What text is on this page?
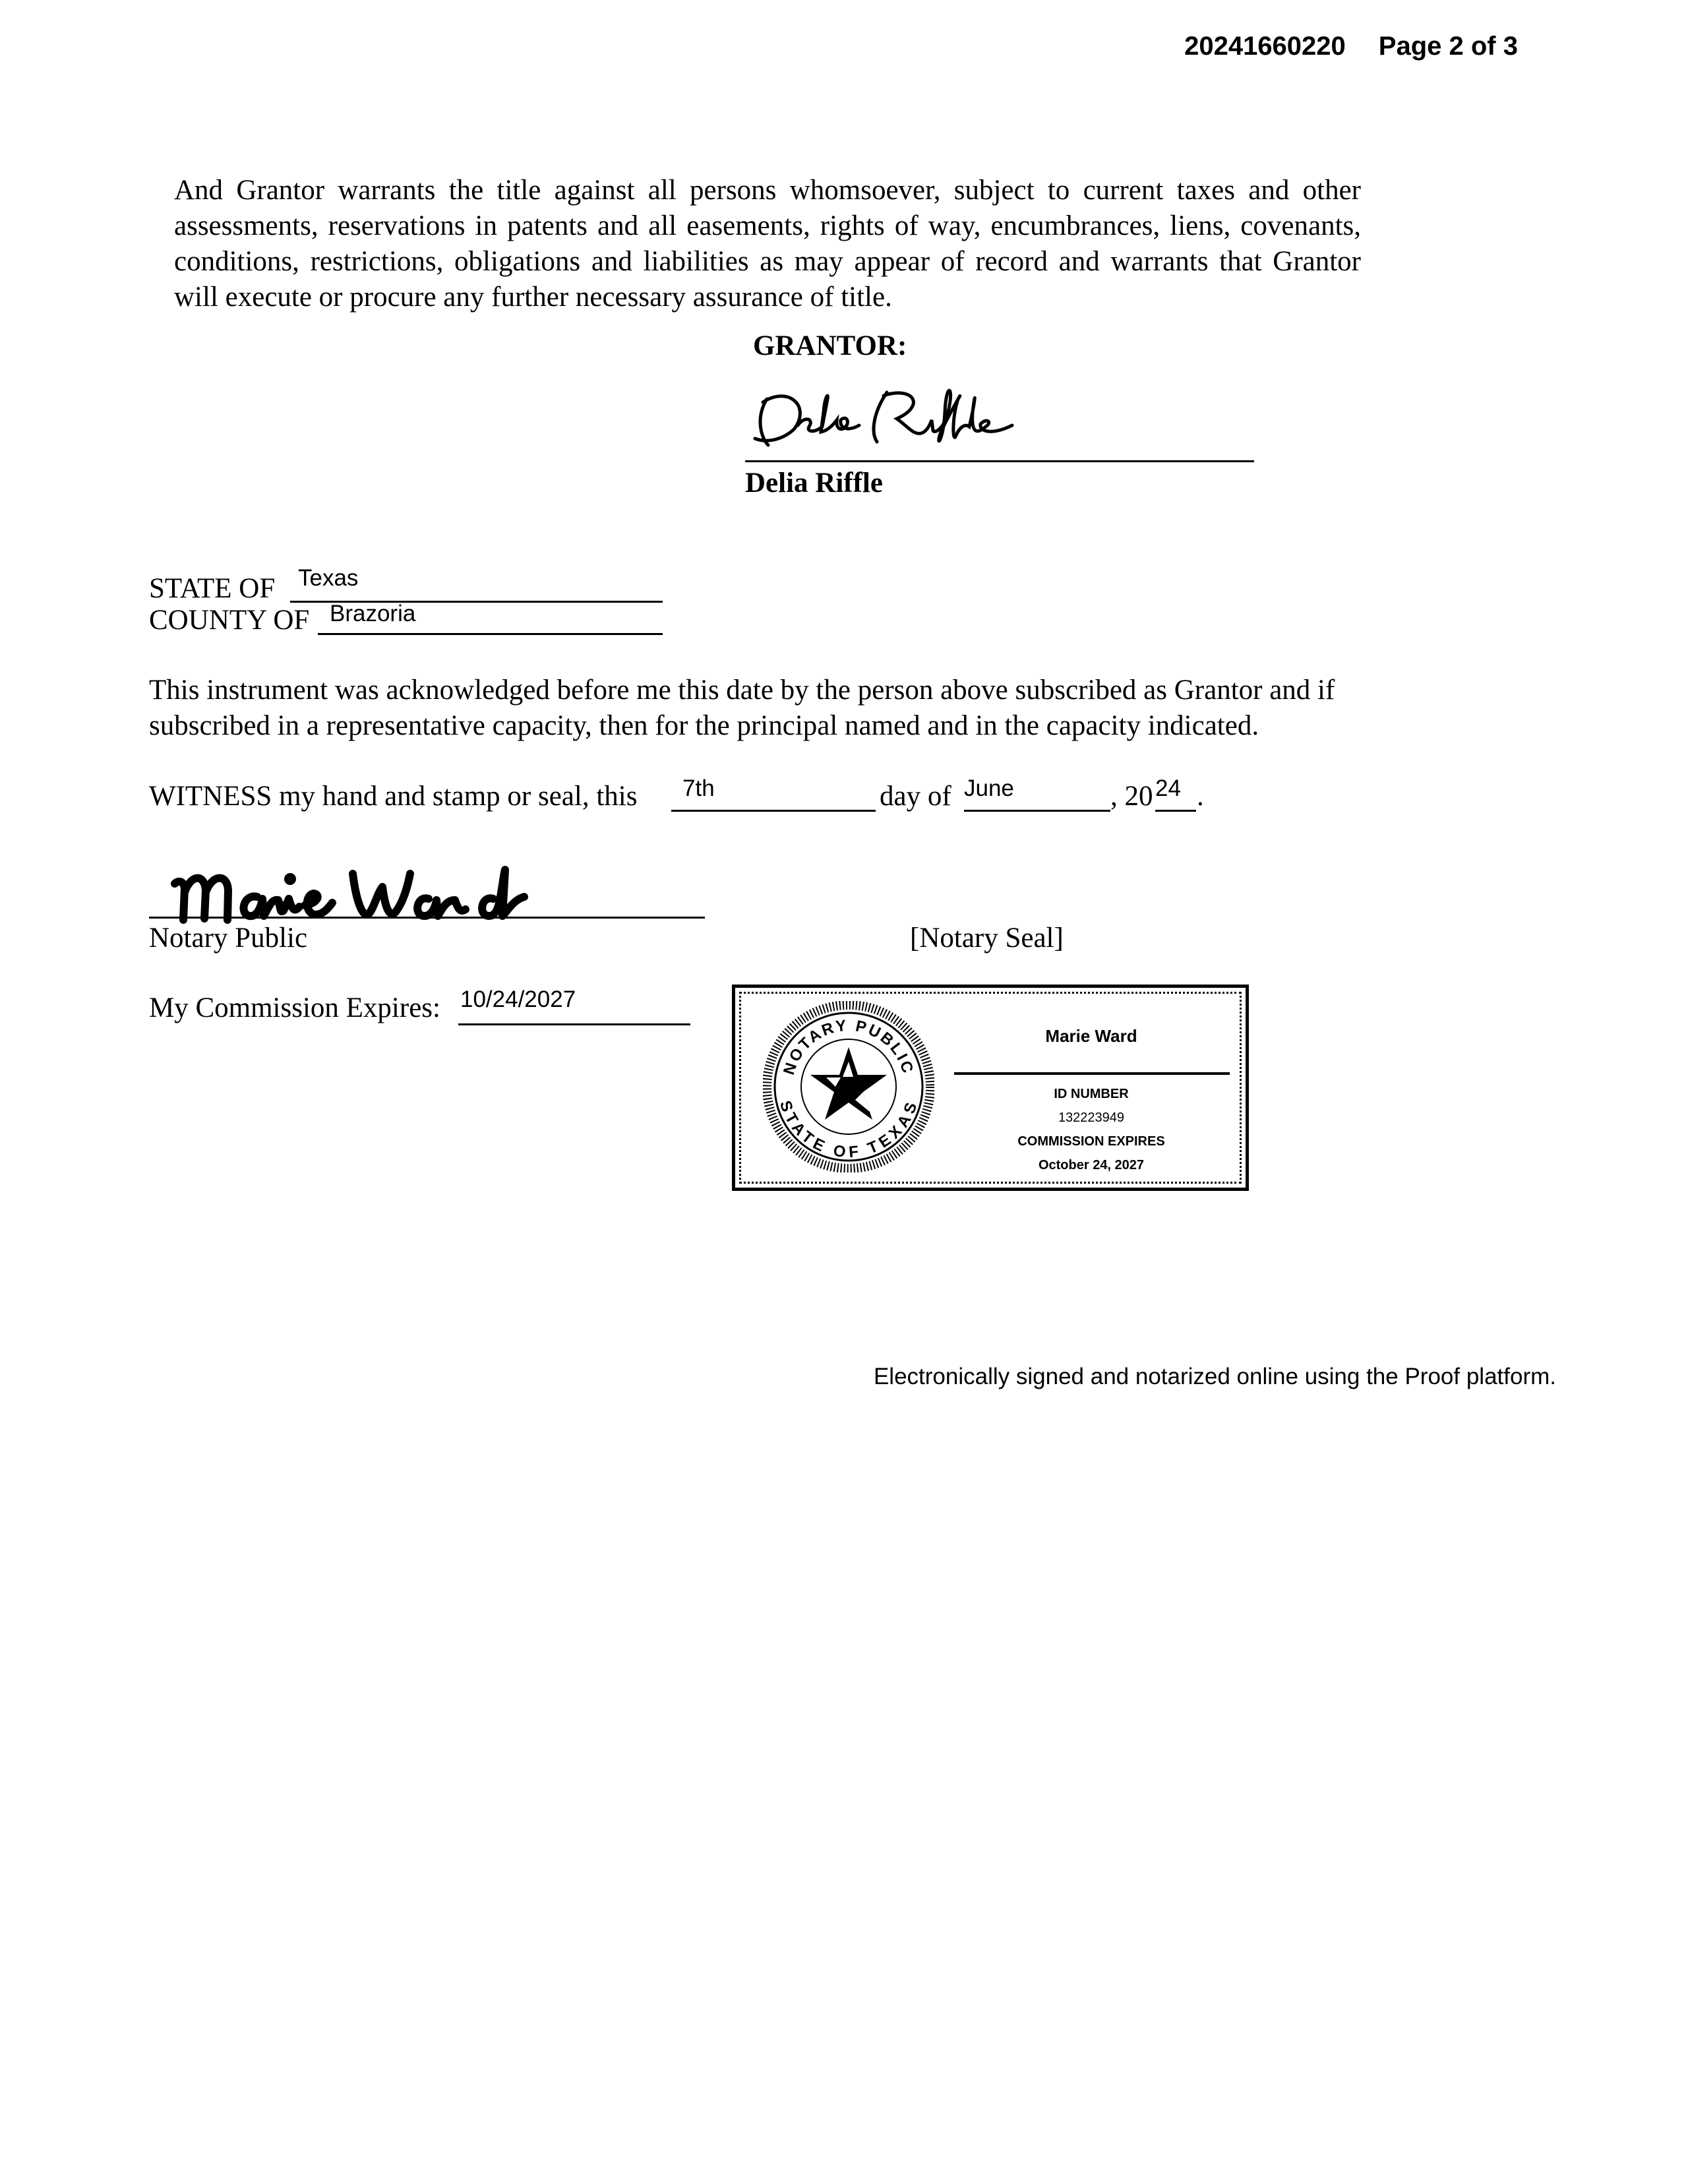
20241660220 Page 2 of 3
And Grantor warrants the title against all persons whomsoever, subject to current taxes and other assessments, reservations in patents and all easements, rights of way, encumbrances, liens, covenants, conditions, restrictions, obligations and liabilities as may appear of record and warrants that Grantor will execute or procure any further necessary assurance of title.
GRANTOR:
Delia Riffle
STATE OF Texas
COUNTY OF Brazoria
This instrument was acknowledged before me this date by the person above subscribed as Grantor and if subscribed in a representative capacity, then for the principal named and in the capacity indicated.
WITNESS my hand and stamp or seal, this 7th	day of June	, 20 24 .
Notary Public	[Notary Seal]
My Commission Expires: 10/24/2027
NOTARY PUBLIC
STATE OF TEXAS
Marie Ward
ID NUMBER
132223949
COMMISSION EXPIRES
October 24, 2027
Electronically signed and notarized online using the Proof platform.
